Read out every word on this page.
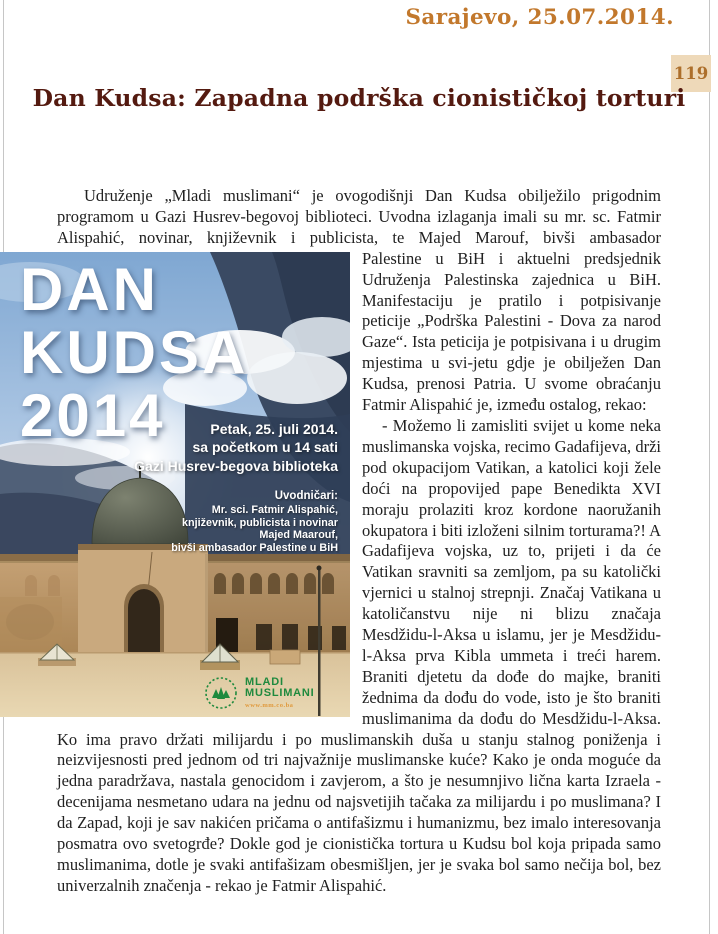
Sarajevo, 25.07.2014.
119
Dan Kudsa: Zapadna podrška cionističkoj torturi

Udruženje „Mladi muslimani“ je ovogodišnji Dan Kudsa obilježilo prigodnim programom u Gazi Husrev-begovoj biblioteci. Uvodna izlaganja imali su mr. sc. Fatmir Alispahić, novinar, književnik i publicista, te Majed Marouf, bivši ambasador

DAN
KUDSA
2014	Petak, 25. juli 2014.
sa početkom u 14 sati
Gazi Husrev-begova biblioteka
Uvodničari:
Mr. sci. Fatmir Alispahić,
književnik, publicista i novinar
Majed Maarouf,
bivši ambasador Palestine u BiH
MLADI
MUSLIMANI
www.mm.co.ba

Palestine u BiH i aktuelni predsjednik Udruženja Palestinska zajednica u BiH. Manifestaciju je pratilo i potpisivanje peticije „Podrška Palestini - Dova za narod Gaze“. Ista peticija je potpisivana i u drugim mjestima u svi-jetu gdje je obilježen Dan Kudsa, prenosi Patria. U svome obraćanju Fatmir Alispahić je, između ostalog, rekao:

- Možemo li zamisliti svijet u kome neka muslimanska vojska, recimo Gadafijeva, drži pod okupacijom Vatikan, a katolici koji žele doći na propovijed pape Benedikta XVI moraju prolaziti kroz kordone naoružanih okupatora i biti izloženi silnim torturama?! A Gadafijeva vojska, uz to, prijeti i da će Vatikan sravniti sa zemljom, pa su katolički vjernici u stalnoj strepnji. Značaj Vatikana u katoličanstvu nije ni blizu značaja Mesdžidu-l-Aksa u islamu, jer je Mesdžidu-l-Aksa prva Kibla ummeta i treći harem. Braniti djetetu da dođe do majke, braniti žednima da dođu do vode, isto je što braniti muslimanima da dođu do Mesdžidu-l-Aksa. Ko ima pravo držati milijardu i po muslimanskih duša u stanju stalnog poniženja i neizvijesnosti pred jednom od tri najvažnije muslimanske kuće? Kako je onda moguće da jedna paradržava, nastala genocidom i zavjerom, a što je nesumnjivo lična karta Izraela - decenijama nesmetano udara na jednu od najsvetijih tačaka za milijardu i po muslimana? I da Zapad, koji je sav nakićen pričama o antifašizmu i humanizmu, bez imalo interesovanja posmatra ovo svetogrđe? Dokle god je cionistička tortura u Kudsu bol koja pripada samo muslimanima, dotle je svaki antifašizam obesmišljen, jer je svaka bol samo nečija bol, bez univerzalnih značenja - rekao je Fatmir Alispahić.
